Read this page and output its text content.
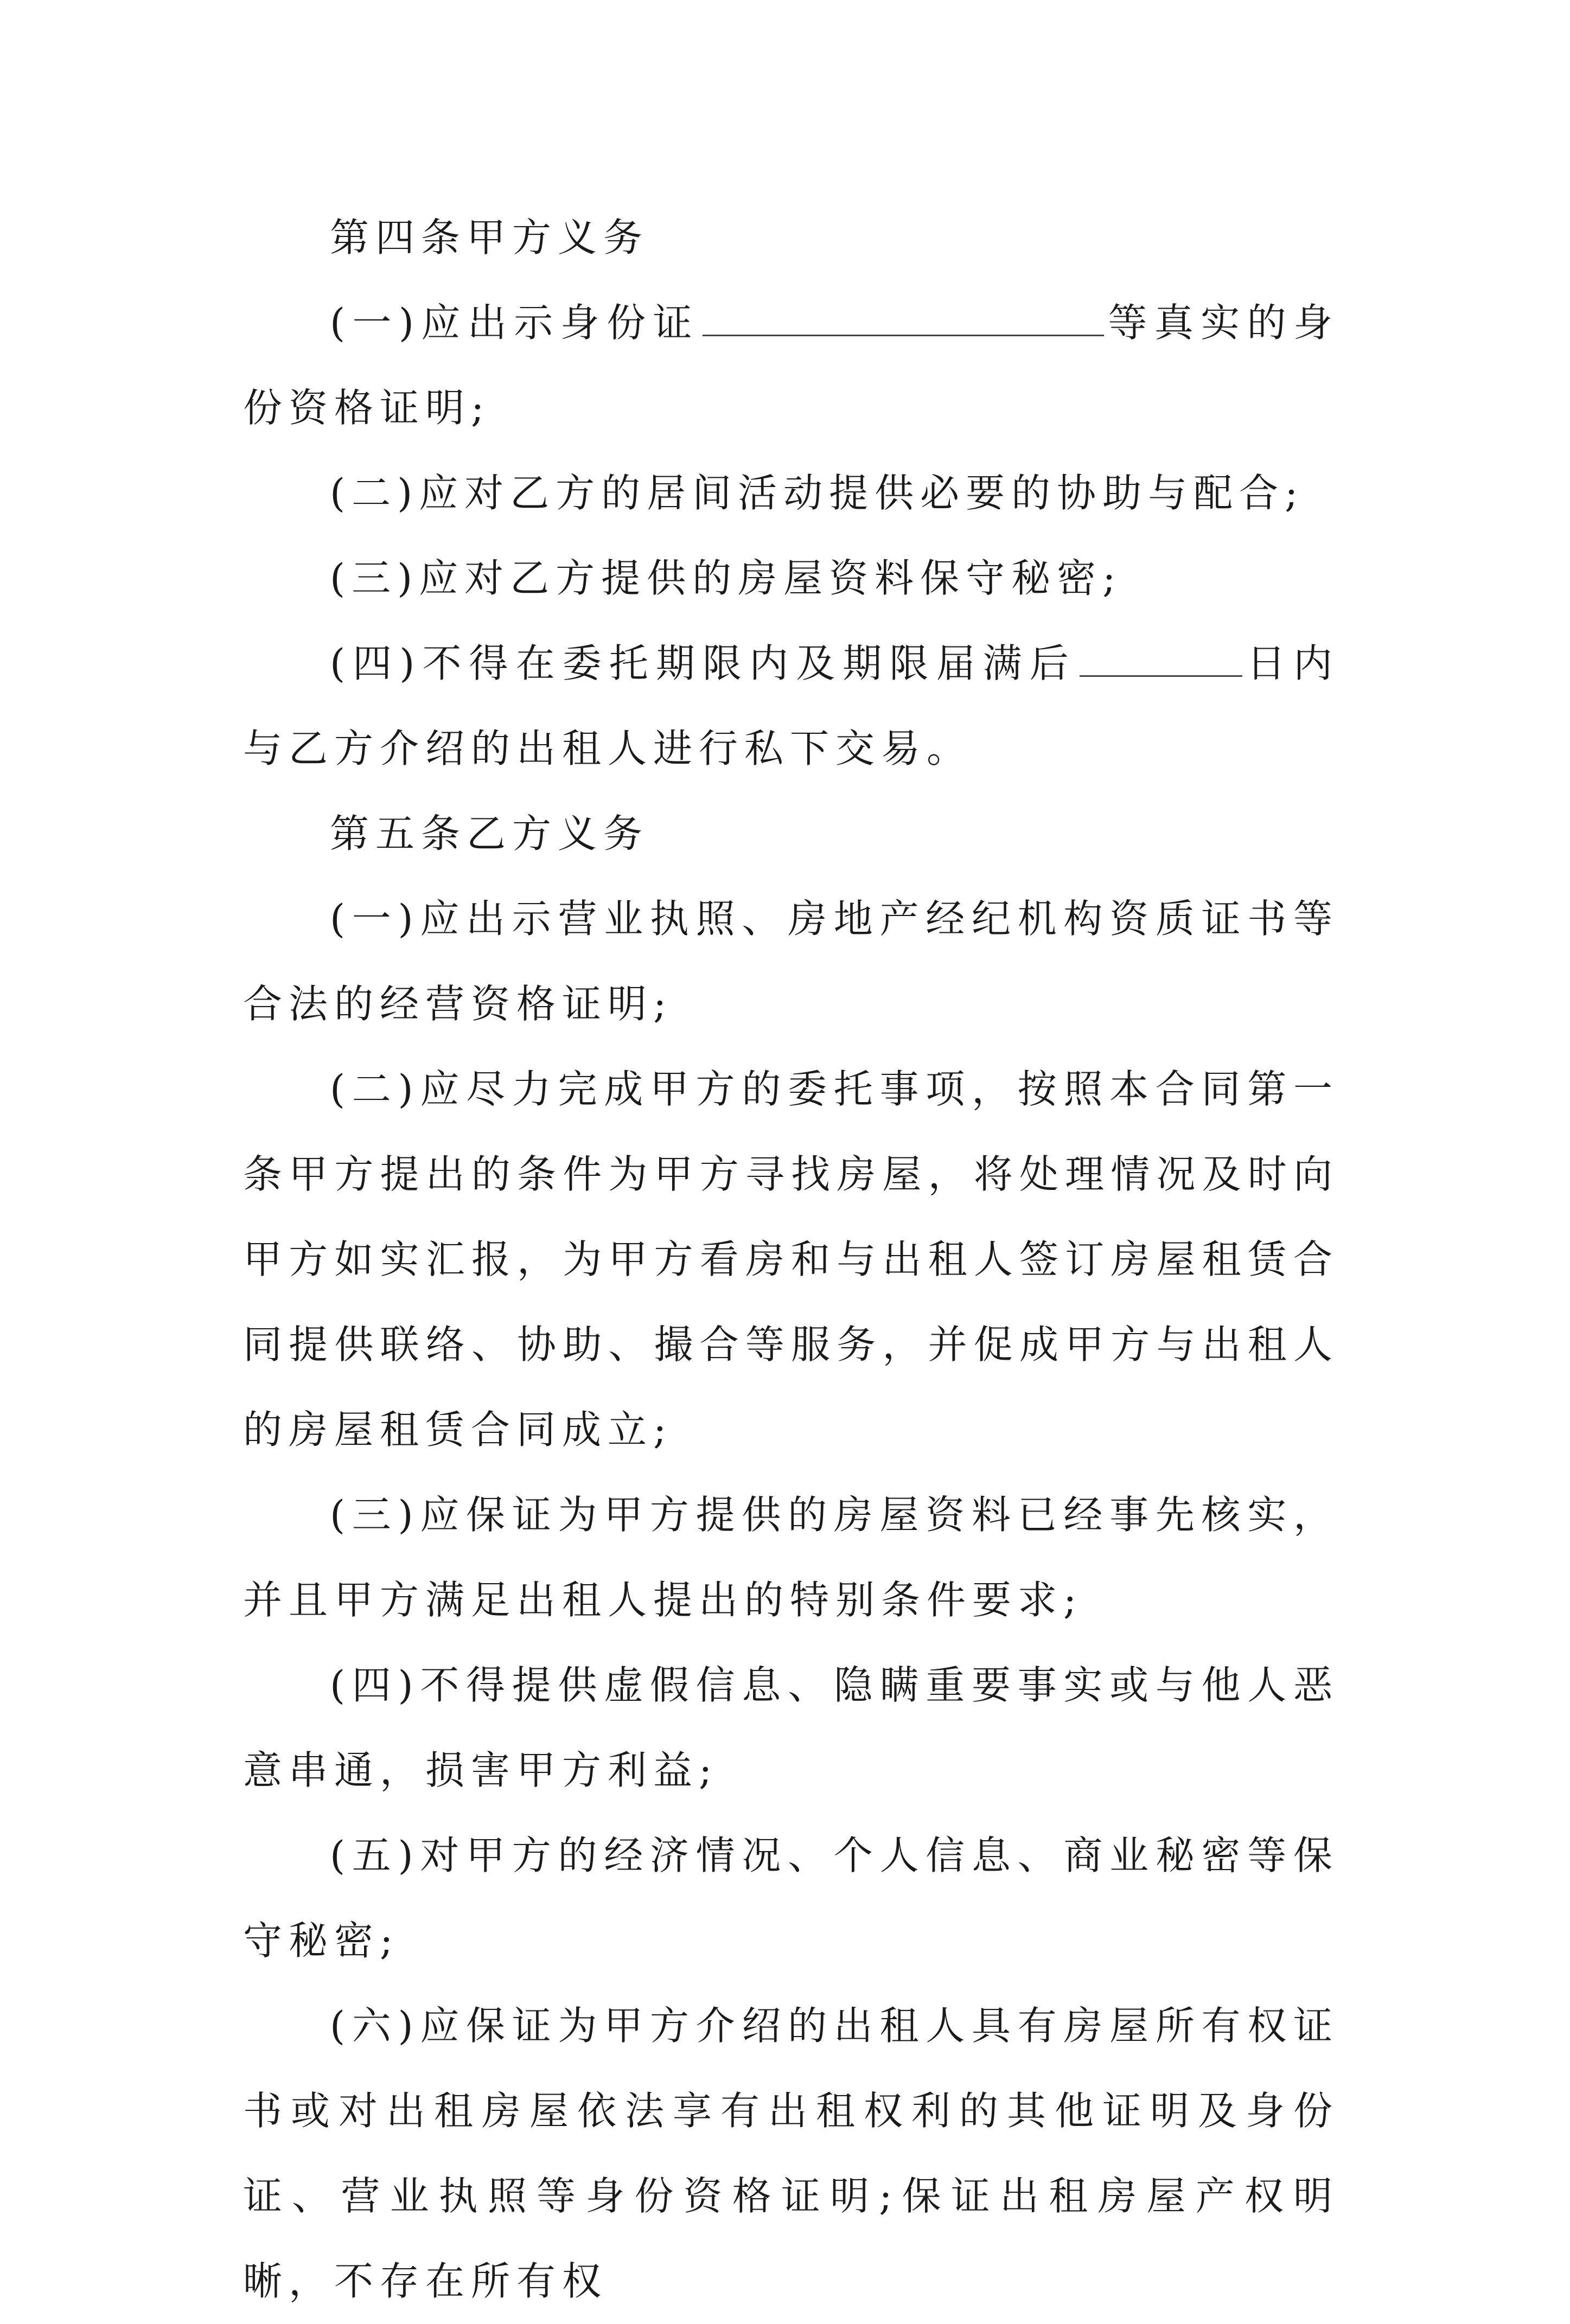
第四条甲方义务

(一)应出示身份证	等真实的身份资格证明;

(二)应对乙方的居间活动提供必要的协助与配合;

(三)应对乙方提供的房屋资料保守秘密;

(四)不得在委托期限内及期限届满后	日内与乙方介绍的出租人进行私下交易。

第五条乙方义务

(一)应出示营业执照、房地产经纪机构资质证书等合法的经营资格证明;

(二)应尽力完成甲方的委托事项，按照本合同第一条甲方提出的条件为甲方寻找房屋，将处理情况及时向甲方如实汇报，为甲方看房和与出租人签订房屋租赁合同提供联络、协助、撮合等服务，并促成甲方与出租人的房屋租赁合同成立;

(三)应保证为甲方提供的房屋资料已经事先核实，并且甲方满足出租人提出的特别条件要求;

(四)不得提供虚假信息、隐瞒重要事实或与他人恶意串通，损害甲方利益;

(五)对甲方的经济情况、个人信息、商业秘密等保守秘密;

(六)应保证为甲方介绍的出租人具有房屋所有权证书或对出租房屋依法享有出租权利的其他证明及身份证、营业执照等身份资格证明;保证出租房屋产权明晰，不存在所有权
